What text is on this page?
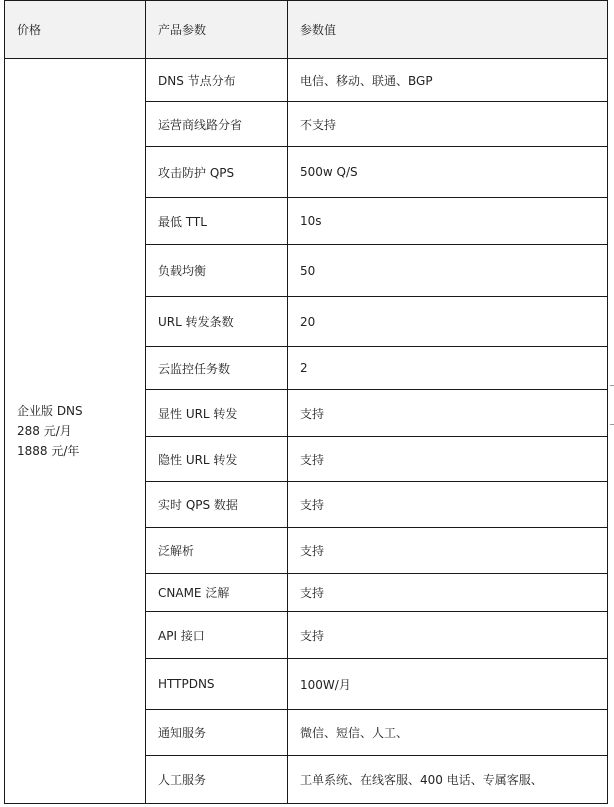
价格	产品参数	参数值

企业版 DNS
288 元/月
1888 元/年	DNS 节点分布	电信、移动、联通、BGP
	运营商线路分省	不支持
	攻击防护 QPS	500w Q/S
	最低 TTL	10s
	负载均衡	50
	URL 转发条数	20
	云监控任务数	2
	显性 URL 转发	支持
	隐性 URL 转发	支持
	实时 QPS 数据	支持
	泛解析	支持
	CNAME 泛解	支持
	API 接口	支持
	HTTPDNS	100W/月
	通知服务	微信、短信、人工、
	人工服务	工单系统、在线客服、400 电话、专属客服、
